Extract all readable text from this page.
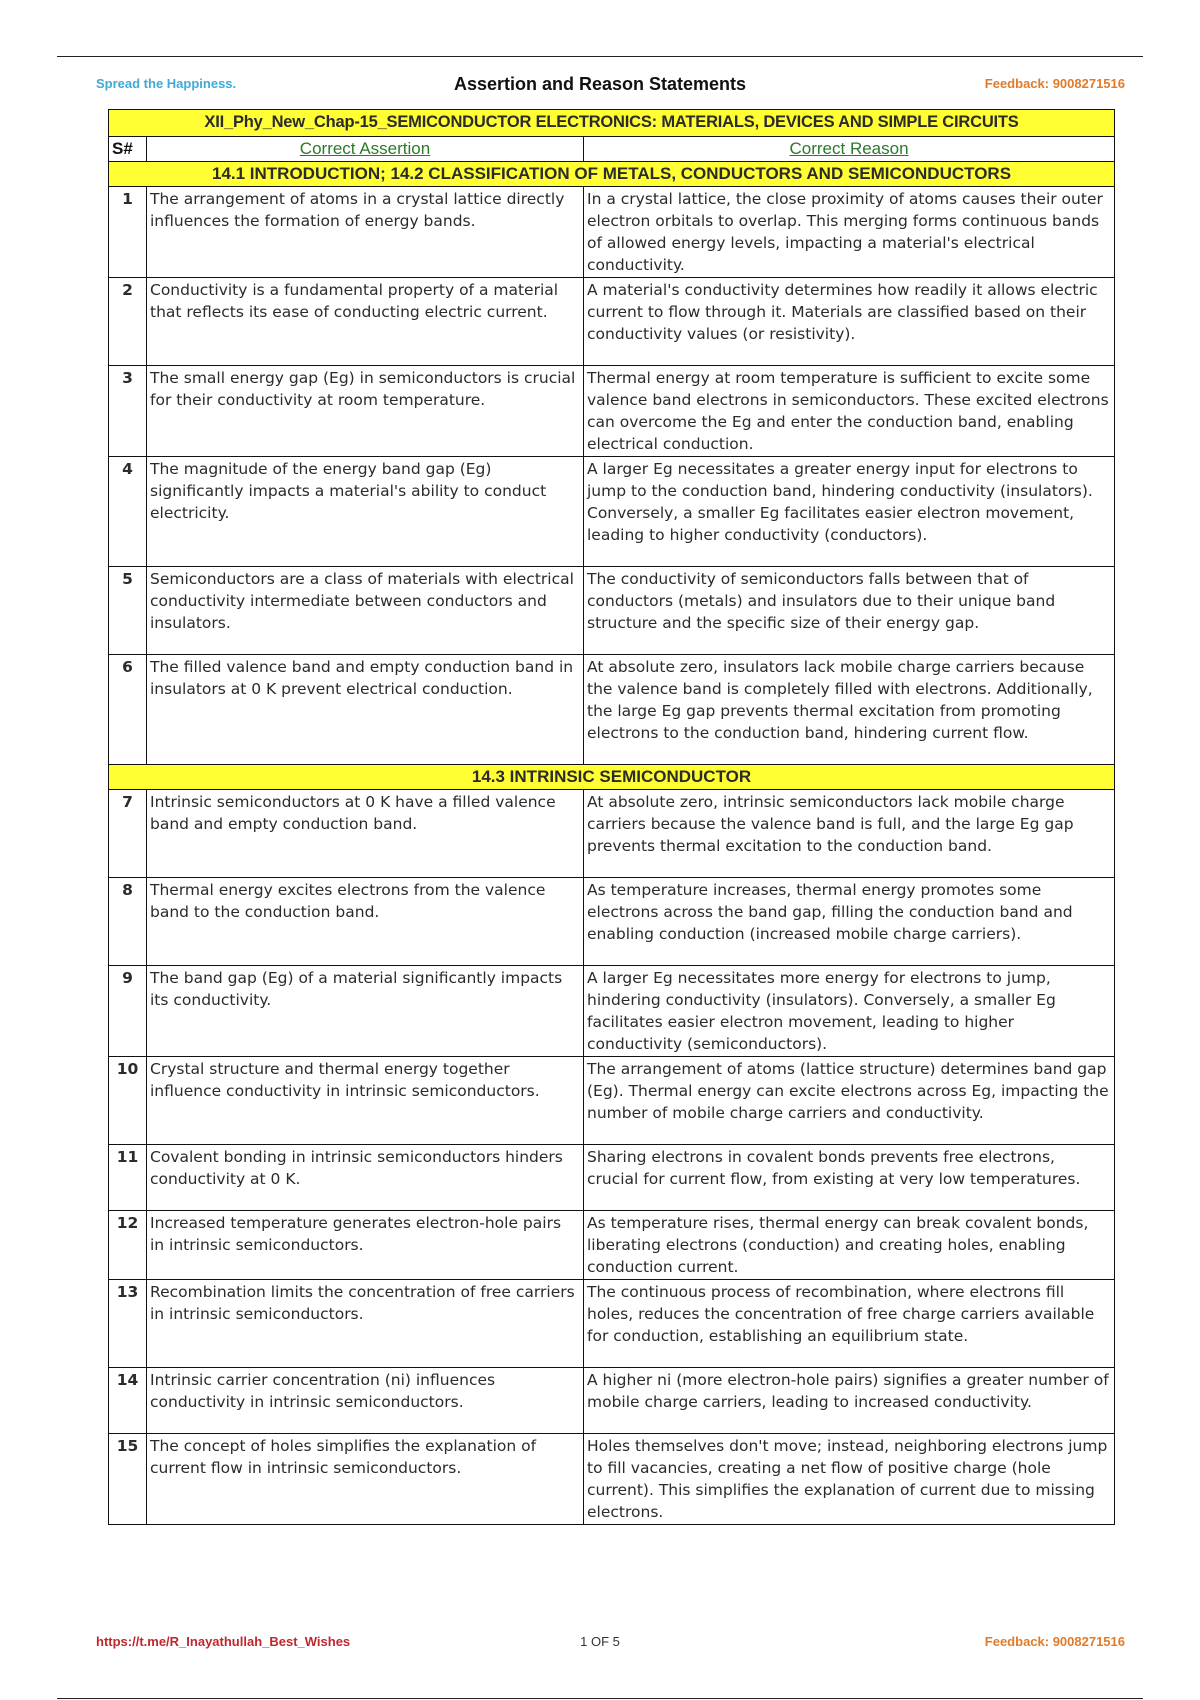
Spread the Happiness.	Assertion and Reason Statements	Feedback: 9008271516
XII_Phy_New_Chap-15_SEMICONDUCTOR ELECTRONICS: MATERIALS, DEVICES AND SIMPLE CIRCUITS		
S#	Correct Assertion	Correct Reason
14.1 INTRODUCTION; 14.2 CLASSIFICATION OF METALS, CONDUCTORS AND SEMICONDUCTORS		
1	The arrangement of atoms in a crystal lattice directly influences the formation of energy bands.	In a crystal lattice, the close proximity of atoms causes their outer electron orbitals to overlap. This merging forms continuous bands of allowed energy levels, impacting a material's electrical conductivity.
2	Conductivity is a fundamental property of a material that reflects its ease of conducting electric current.	A material's conductivity determines how readily it allows electric current to flow through it. Materials are classified based on their conductivity values (or resistivity).
3	The small energy gap (Eg) in semiconductors is crucial for their conductivity at room temperature.	Thermal energy at room temperature is sufficient to excite some valence band electrons in semiconductors. These excited electrons can overcome the Eg and enter the conduction band, enabling electrical conduction.
4	The magnitude of the energy band gap (Eg) significantly impacts a material's ability to conduct electricity.	A larger Eg necessitates a greater energy input for electrons to jump to the conduction band, hindering conductivity (insulators). Conversely, a smaller Eg facilitates easier electron movement, leading to higher conductivity (conductors).
5	Semiconductors are a class of materials with electrical conductivity intermediate between conductors and insulators.	The conductivity of semiconductors falls between that of conductors (metals) and insulators due to their unique band structure and the specific size of their energy gap.
6	The filled valence band and empty conduction band in insulators at 0 K prevent electrical conduction.	At absolute zero, insulators lack mobile charge carriers because the valence band is completely filled with electrons. Additionally, the large Eg gap prevents thermal excitation from promoting electrons to the conduction band, hindering current flow.
14.3 INTRINSIC SEMICONDUCTOR		
7	Intrinsic semiconductors at 0 K have a filled valence band and empty conduction band.	At absolute zero, intrinsic semiconductors lack mobile charge carriers because the valence band is full, and the large Eg gap prevents thermal excitation to the conduction band.
8	Thermal energy excites electrons from the valence band to the conduction band.	As temperature increases, thermal energy promotes some electrons across the band gap, filling the conduction band and enabling conduction (increased mobile charge carriers).
9	The band gap (Eg) of a material significantly impacts its conductivity.	A larger Eg necessitates more energy for electrons to jump, hindering conductivity (insulators). Conversely, a smaller Eg facilitates easier electron movement, leading to higher conductivity (semiconductors).
10	Crystal structure and thermal energy together influence conductivity in intrinsic semiconductors.	The arrangement of atoms (lattice structure) determines band gap (Eg). Thermal energy can excite electrons across Eg, impacting the number of mobile charge carriers and conductivity.
11	Covalent bonding in intrinsic semiconductors hinders conductivity at 0 K.	Sharing electrons in covalent bonds prevents free electrons, crucial for current flow, from existing at very low temperatures.
12	Increased temperature generates electron-hole pairs in intrinsic semiconductors.	As temperature rises, thermal energy can break covalent bonds, liberating electrons (conduction) and creating holes, enabling conduction current.
13	Recombination limits the concentration of free carriers in intrinsic semiconductors.	The continuous process of recombination, where electrons fill holes, reduces the concentration of free charge carriers available for conduction, establishing an equilibrium state.
14	Intrinsic carrier concentration (ni) influences conductivity in intrinsic semiconductors.	A higher ni (more electron-hole pairs) signifies a greater number of mobile charge carriers, leading to increased conductivity.
15	The concept of holes simplifies the explanation of current flow in intrinsic semiconductors.	Holes themselves don't move; instead, neighboring electrons jump to fill vacancies, creating a net flow of positive charge (hole current). This simplifies the explanation of current due to missing electrons.
https://t.me/R_Inayathullah_Best_Wishes	1 OF 5	Feedback: 9008271516
